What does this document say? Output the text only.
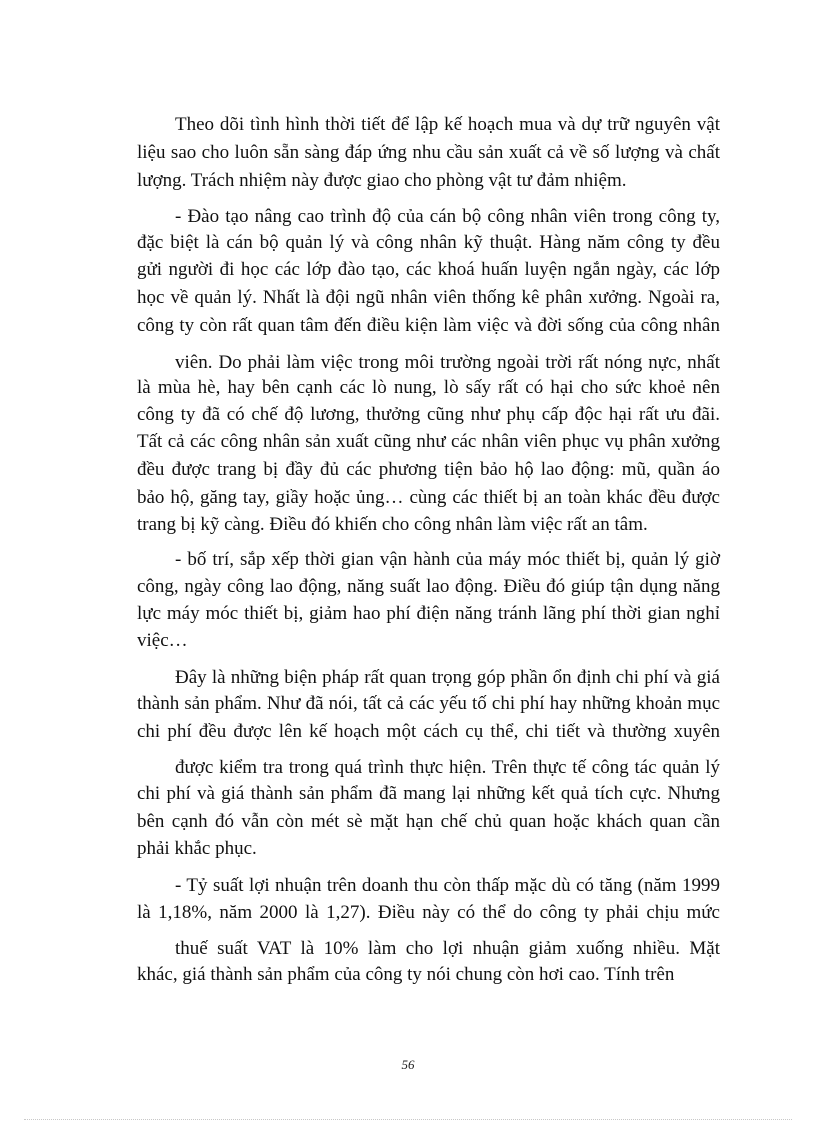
Theo dõi tình hình thời tiết để lập kế hoạch mua và dự trữ nguyên vật
liệu sao cho luôn sẵn sàng đáp ứng nhu cầu sản xuất cả về số lượng và chất
lượng. Trách nhiệm này được giao cho phòng vật tư đảm nhiệm.
- Đào tạo nâng cao trình độ của cán bộ công nhân viên trong công ty,
đặc biệt là cán bộ quản lý và công nhân kỹ thuật. Hàng năm công ty đều
gửi người đi học các lớp đào tạo, các khoá huấn luyện ngắn ngày, các lớp
học về quản lý. Nhất là đội ngũ nhân viên thống kê phân xưởng. Ngoài ra,
công ty còn rất quan tâm đến điều kiện làm việc và đời sống của công nhân
viên. Do phải làm việc trong môi trường ngoài trời rất nóng nực, nhất
là mùa hè, hay bên cạnh các lò nung, lò sấy rất có hại cho sức khoẻ nên
công ty đã có chế độ lương, thưởng cũng như phụ cấp độc hại rất ưu đãi.
Tất cả các công nhân sản xuất cũng như các nhân viên phục vụ phân xưởng
đều được trang bị đầy đủ các phương tiện bảo hộ lao động: mũ, quần áo
bảo hộ, găng tay, giầy hoặc ủng… cùng các thiết bị an toàn khác đều được
trang bị kỹ càng. Điều đó khiến cho công nhân làm việc rất an tâm.
- bố trí, sắp xếp thời gian vận hành của máy móc thiết bị, quản lý giờ
công, ngày công lao động, năng suất lao động. Điều đó giúp tận dụng năng
lực máy móc thiết bị, giảm hao phí điện năng tránh lãng phí thời gian nghỉ
việc…
Đây là những biện pháp rất quan trọng góp phần ổn định chi phí và giá
thành sản phẩm. Như đã nói, tất cả các yếu tố chi phí hay những khoản mục
chi phí đều được lên kế hoạch một cách cụ thể, chi tiết và thường xuyên
được kiểm tra trong quá trình thực hiện. Trên thực tế công tác quản lý
chi phí và giá thành sản phẩm đã mang lại những kết quả tích cực. Nhưng
bên cạnh đó vẫn còn mét sè mặt hạn chế chủ quan hoặc khách quan cần
phải khắc phục.
- Tỷ suất lợi nhuận trên doanh thu còn thấp mặc dù có tăng (năm 1999
là 1,18%, năm 2000 là 1,27). Điều này có thể do công ty phải chịu mức
thuế suất VAT là 10% làm cho lợi nhuận giảm xuống nhiều. Mặt
khác, giá thành sản phẩm của công ty nói chung còn hơi cao. Tính trên
56
